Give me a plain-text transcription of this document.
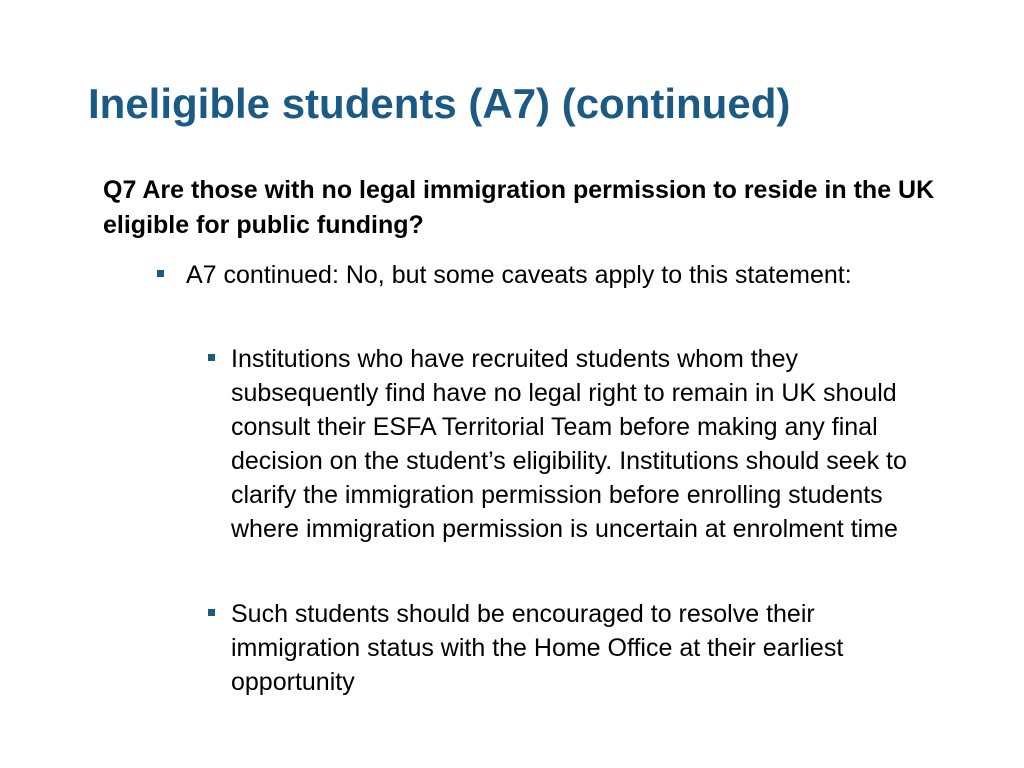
Ineligible students (A7) (continued)

Q7 Are those with no legal immigration permission to reside in the UK eligible for public funding?

A7 continued: No, but some caveats apply to this statement:
Institutions who have recruited students whom they subsequently find have no legal right to remain in UK should consult their ESFA Territorial Team before making any final decision on the student’s eligibility. Institutions should seek to clarify the immigration permission before enrolling students where immigration permission is uncertain at enrolment time
Such students should be encouraged to resolve their immigration status with the Home Office at their earliest opportunity
